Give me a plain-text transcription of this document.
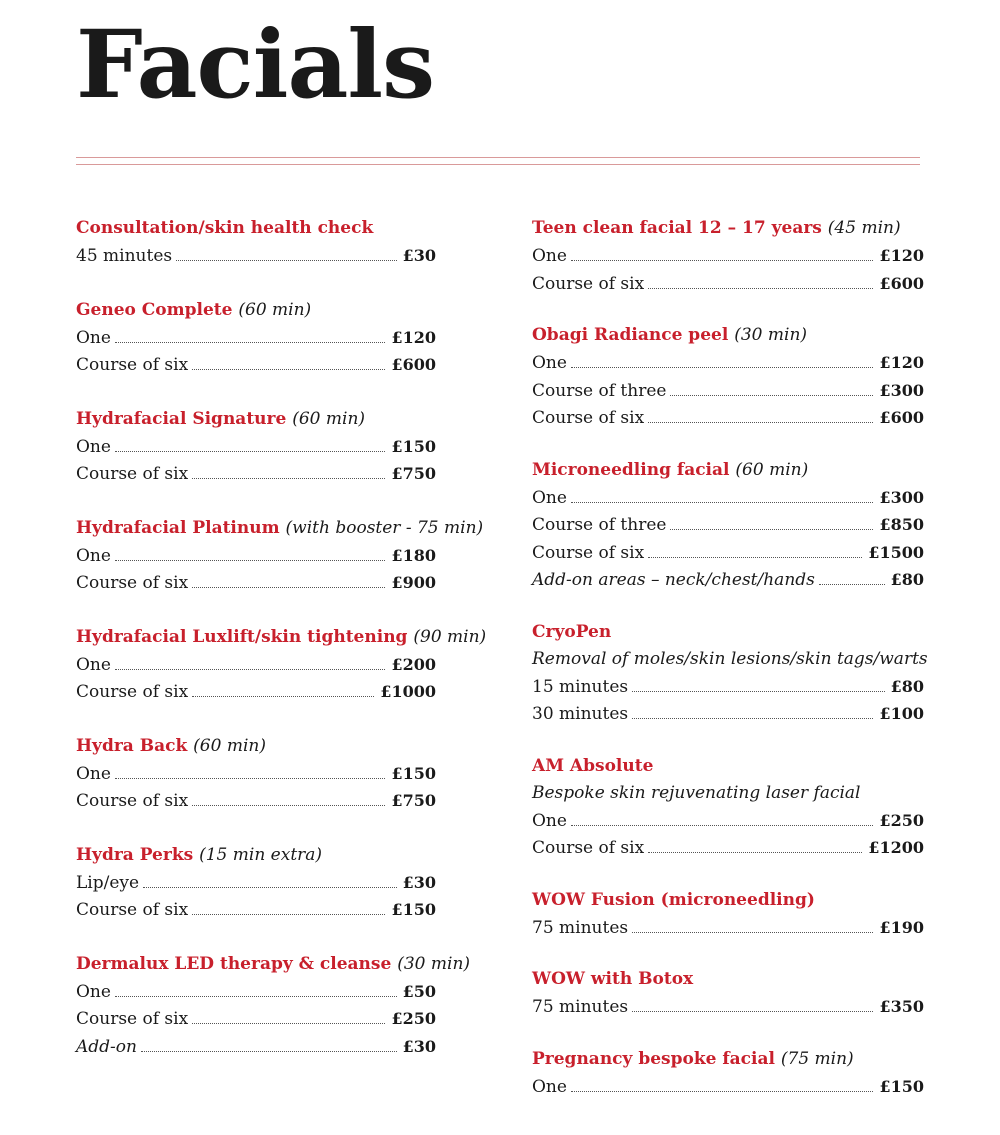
Facials
Consultation/skin health check
45 minutes	£30
Geneo Complete (60 min)
One	£120
Course of six	£600
Hydrafacial Signature (60 min)
One	£150
Course of six	£750
Hydrafacial Platinum (with booster - 75 min)
One	£180
Course of six	£900
Hydrafacial Luxlift/skin tightening (90 min)
One	£200
Course of six	£1000
Hydra Back (60 min)
One	£150
Course of six	£750
Hydra Perks (15 min extra)
Lip/eye	£30
Course of six	£150
Dermalux LED therapy & cleanse (30 min)
One	£50
Course of six	£250
Add-on	£30
Teen clean facial 12 – 17 years (45 min)
One	£120
Course of six	£600
Obagi Radiance peel (30 min)
One	£120
Course of three	£300
Course of six	£600
Microneedling facial (60 min)
One	£300
Course of three	£850
Course of six	£1500
Add-on areas – neck/chest/hands	£80
CryoPen
Removal of moles/skin lesions/skin tags/warts
15 minutes	£80
30 minutes	£100
AM Absolute
Bespoke skin rejuvenating laser facial
One	£250
Course of six	£1200
WOW Fusion (microneedling)
75 minutes	£190
WOW with Botox
75 minutes	£350
Pregnancy bespoke facial (75 min)
One	£150
